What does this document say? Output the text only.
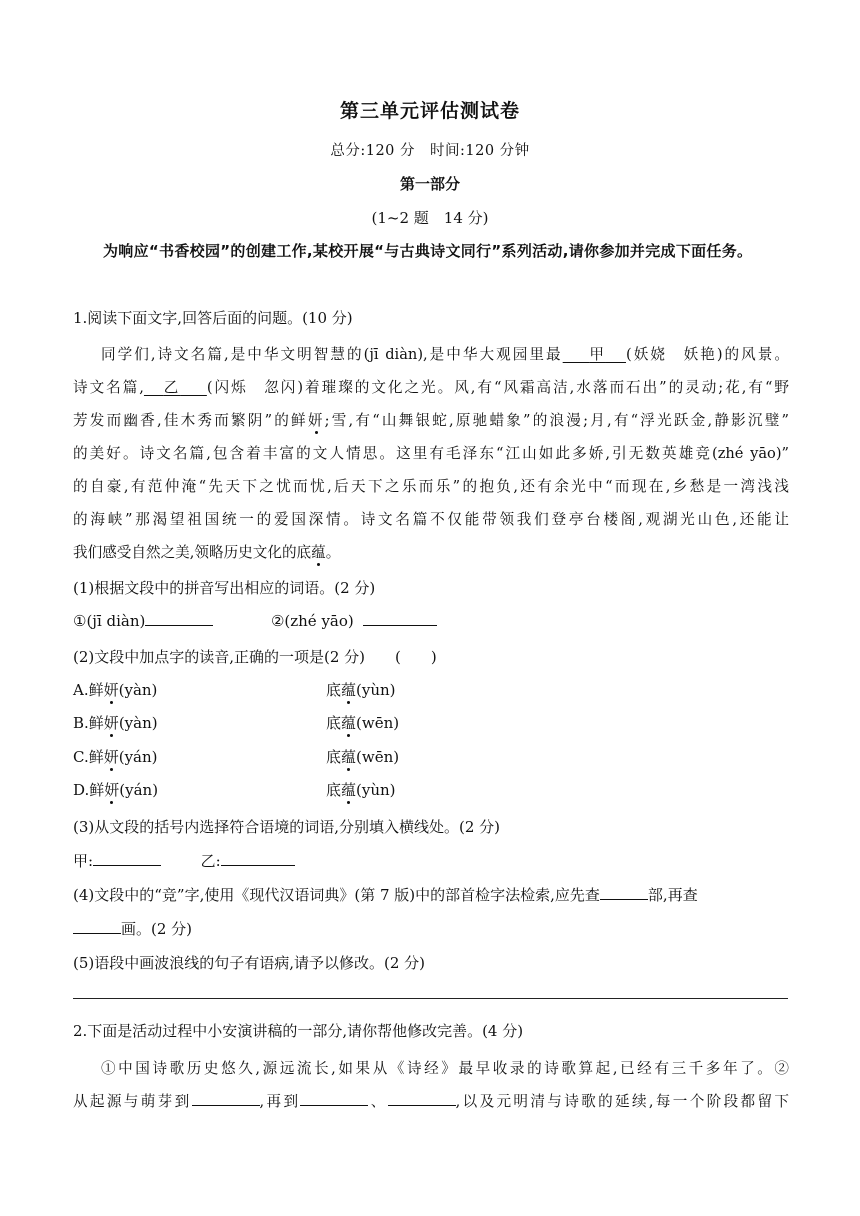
第三单元评估测试卷
总分:120 分　时间:120 分钟
第一部分
(1~2 题　14 分)
为响应“书香校园”的创建工作,某校开展“与古典诗文同行”系列活动,请你参加并完成下面任务。
1.阅读下面文字,回答后面的问题。(10 分)
同学们,诗文名篇,是中华文明智慧的(jī diàn),是中华大观园里最 甲 (妖娆　妖艳)的风景。
诗文名篇, 乙 (闪烁　忽闪)着璀璨的文化之光。风,有“风霜高洁,水落而石出”的灵动;花,有“野
芳发而幽香,佳木秀而繁阴”的鲜妍;雪,有“山舞银蛇,原驰蜡象”的浪漫;月,有“浮光跃金,静影沉璧”
的美好。诗文名篇,包含着丰富的文人情思。这里有毛泽东“江山如此多娇,引无数英雄竞(zhé yāo)”
的自豪,有范仲淹“先天下之忧而忧,后天下之乐而乐”的抱负,还有余光中“而现在,乡愁是一湾浅浅
的海峡”那渴望祖国统一的爱国深情。诗文名篇不仅能带领我们登亭台楼阁,观湖光山色,还能让
我们感受自然之美,领略历史文化的底蕴。
(1)根据文段中的拼音写出相应的词语。(2 分)
①(jī diàn)	②(zhé yāo)
(2)文段中加点字的读音,正确的一项是(2 分)　　(　　)
A.鲜妍(yàn)	底蕴(yùn)
B.鲜妍(yàn)	底蕴(wēn)
C.鲜妍(yán)	底蕴(wēn)
D.鲜妍(yán)	底蕴(yùn)
(3)从文段的括号内选择符合语境的词语,分别填入横线处。(2 分)
甲:	乙:
(4)文段中的“竞”字,使用《现代汉语词典》(第 7 版)中的部首检字法检索,应先查	部,再查
画。(2 分)
(5)语段中画波浪线的句子有语病,请予以修改。(2 分)
2.下面是活动过程中小安演讲稿的一部分,请你帮他修改完善。(4 分)
①中国诗歌历史悠久,源远流长,如果从《诗经》最早收录的诗歌算起,已经有三千多年了。②
从起源与萌芽到	,再到	、	,以及元明清与诗歌的延续,每一个阶段都留下
